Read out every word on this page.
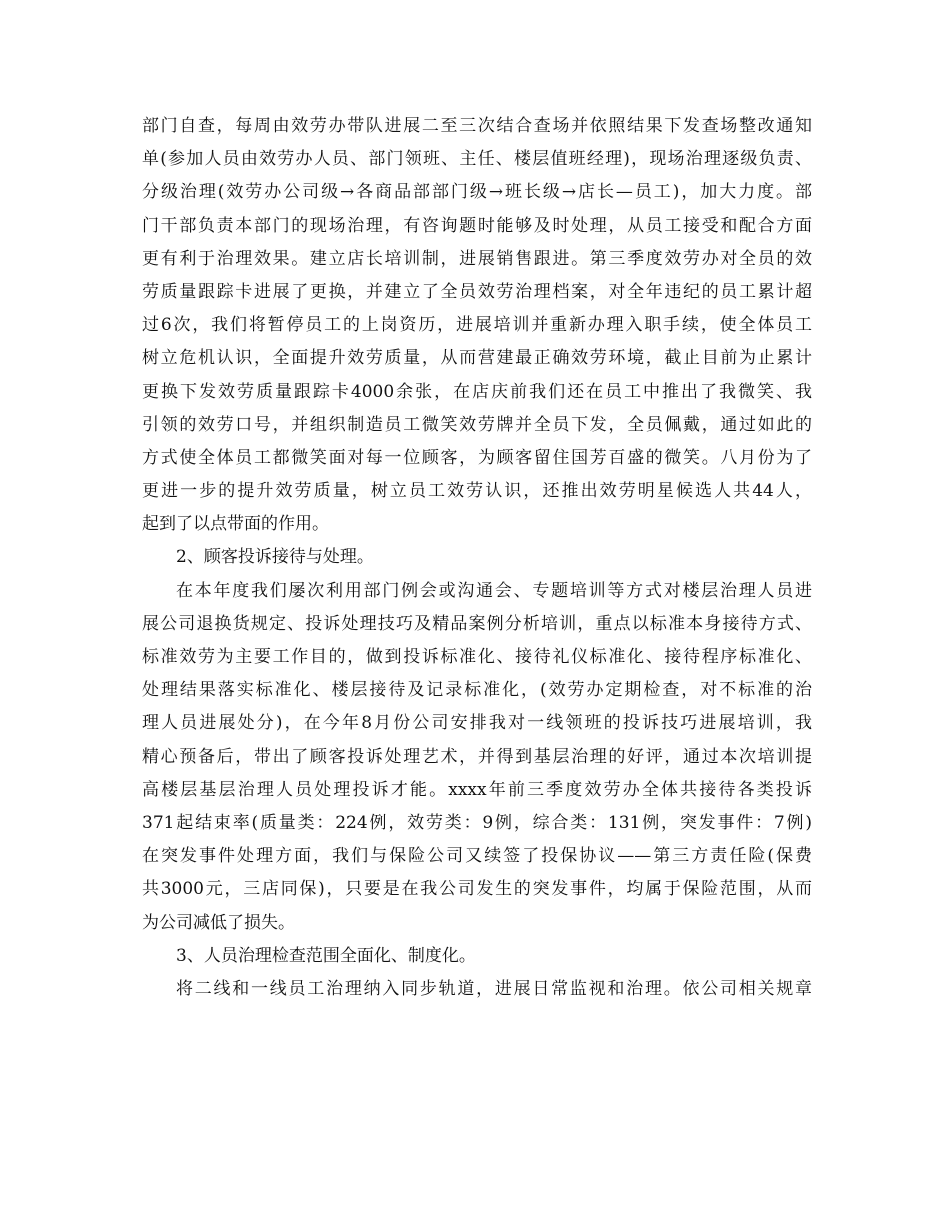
部门自查，每周由效劳办带队进展二至三次结合查场并依照结果下发查场整改通知
单(参加人员由效劳办人员、部门领班、主任、楼层值班经理)，现场治理逐级负责、
分级治理(效劳办公司级→各商品部部门级→班长级→店长—员工)，加大力度。部
门干部负责本部门的现场治理，有咨询题时能够及时处理，从员工接受和配合方面
更有利于治理效果。建立店长培训制，进展销售跟进。第三季度效劳办对全员的效
劳质量跟踪卡进展了更换，并建立了全员效劳治理档案，对全年违纪的员工累计超
过6次，我们将暂停员工的上岗资历，进展培训并重新办理入职手续，使全体员工
树立危机认识，全面提升效劳质量，从而营建最正确效劳环境，截止目前为止累计
更换下发效劳质量跟踪卡4000余张，在店庆前我们还在员工中推出了我微笑、我
引领的效劳口号，并组织制造员工微笑效劳牌并全员下发，全员佩戴，通过如此的
方式使全体员工都微笑面对每一位顾客，为顾客留住国芳百盛的微笑。八月份为了
更进一步的提升效劳质量，树立员工效劳认识，还推出效劳明星候选人共44人，
起到了以点带面的作用。
2、顾客投诉接待与处理。
在本年度我们屡次利用部门例会或沟通会、专题培训等方式对楼层治理人员进
展公司退换货规定、投诉处理技巧及精品案例分析培训，重点以标准本身接待方式、
标准效劳为主要工作目的，做到投诉标准化、接待礼仪标准化、接待程序标准化、
处理结果落实标准化、楼层接待及记录标准化，(效劳办定期检查，对不标准的治
理人员进展处分)，在今年8月份公司安排我对一线领班的投诉技巧进展培训，我
精心预备后，带出了顾客投诉处理艺术，并得到基层治理的好评，通过本次培训提
高楼层基层治理人员处理投诉才能。xxxx年前三季度效劳办全体共接待各类投诉
371起结束率(质量类：224例，效劳类：9例，综合类：131例，突发事件：7例)
在突发事件处理方面，我们与保险公司又续签了投保协议——第三方责任险(保费
共3000元，三店同保)，只要是在我公司发生的突发事件，均属于保险范围，从而
为公司减低了损失。
3、人员治理检查范围全面化、制度化。
将二线和一线员工治理纳入同步轨道，进展日常监视和治理。依公司相关规章
